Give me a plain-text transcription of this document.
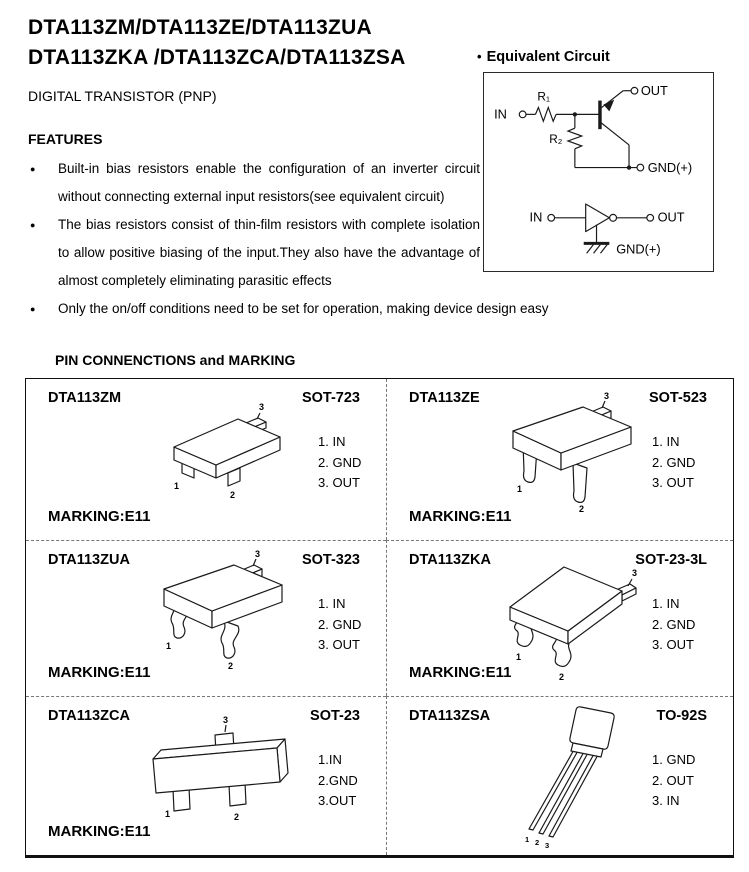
DTA113ZM/DTA113ZE/DTA113ZUA
DTA113ZKA /DTA113ZCA/DTA113ZSA
DIGITAL TRANSISTOR (PNP)
FEATURES
● Built-in bias resistors enable the configuration of an inverter circuit without connecting external input resistors(see equivalent circuit)
● The bias resistors consist of thin-film resistors with complete isolation to allow positive biasing of the input.They also have the advantage of almost completely eliminating parasitic effects
● Only the on/off conditions need to be set for operation, making device design easy
• Equivalent Circuit
IN
R₁	OUT
R₂
GND(+)
IN	OUT
GND(+)
PIN CONNENCTIONS and MARKING
DTA113ZM	SOT-723
3
1
2
1. IN
2. GND
3. OUT
MARKING:E11
DTA113ZE	SOT-523
3
1
2
1. IN
2. GND
3. OUT
MARKING:E11
DTA113ZUA	SOT-323
3
1
2
1. IN
2. GND
3. OUT
MARKING:E11
DTA113ZKA	SOT-23-3L
3
1
2
1. IN
2. GND
3. OUT
MARKING:E11
DTA113ZCA	SOT-23
3
1	2
1.IN
2.GND
3.OUT
MARKING:E11
DTA113ZSA	TO-92S
1 2 3
1. GND
2. OUT
3. IN
